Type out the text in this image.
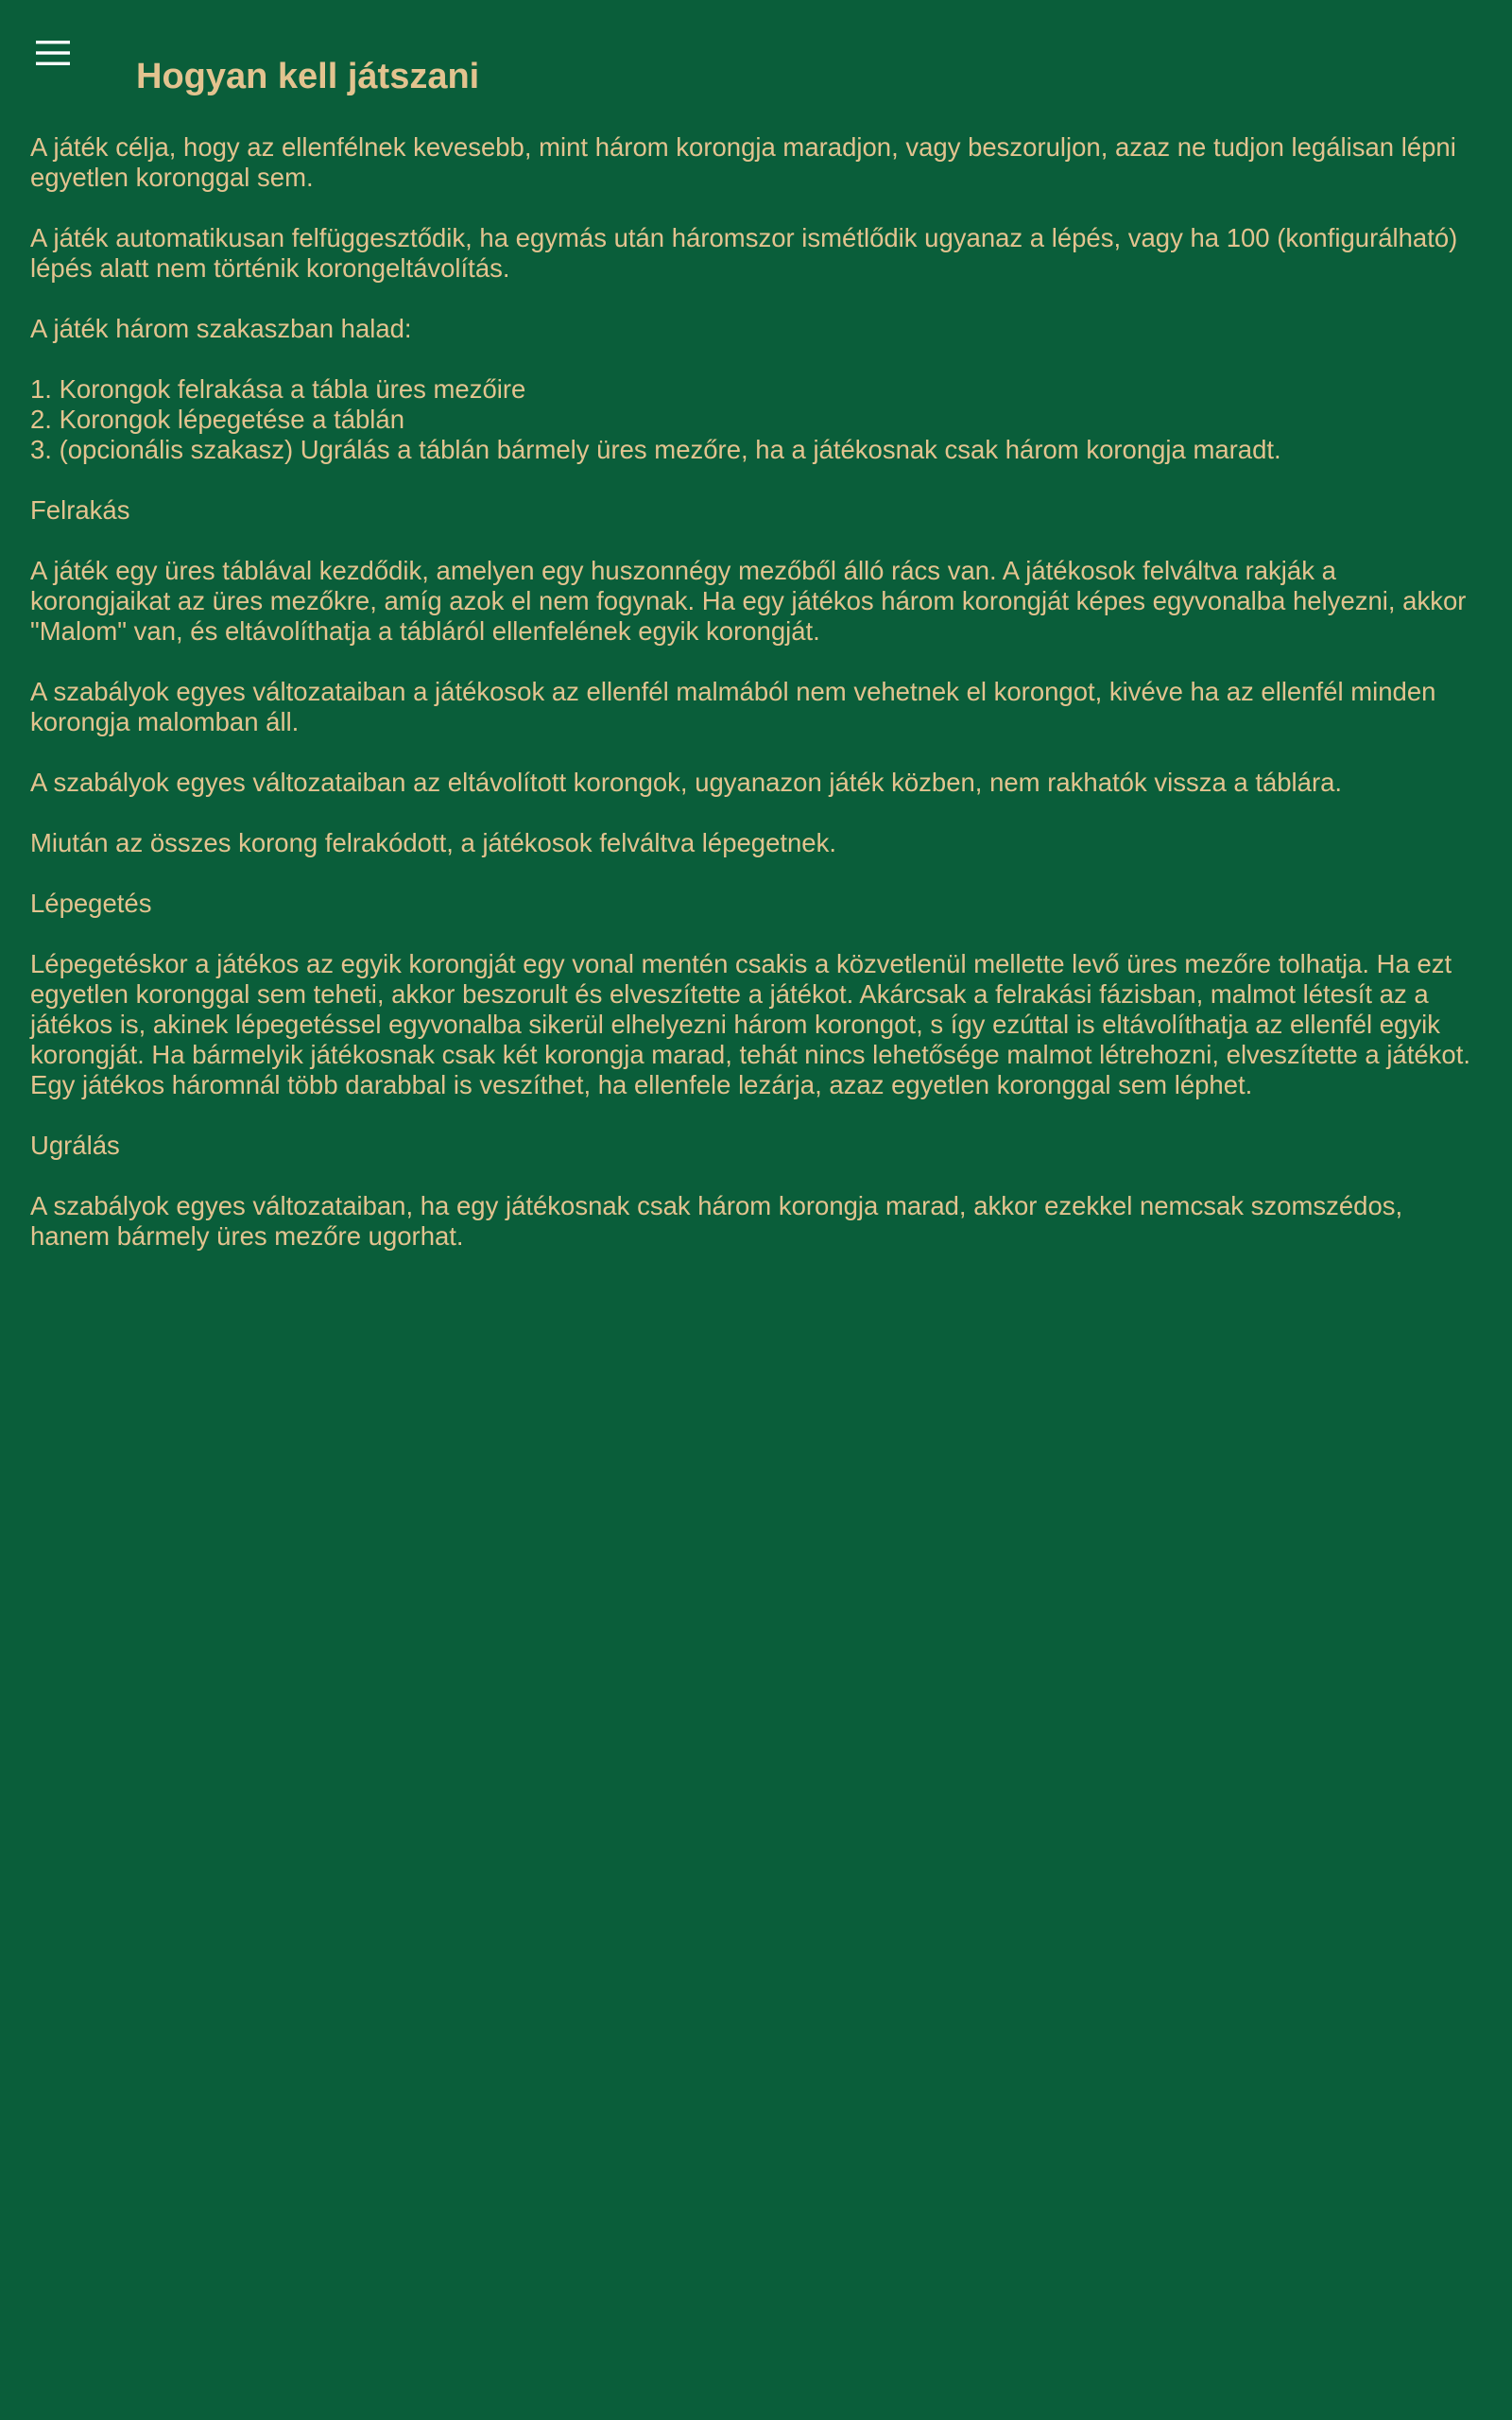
Hogyan kell játszani

A játék célja, hogy az ellenfélnek kevesebb, mint három korongja maradjon, vagy beszoruljon, azaz ne tudjon legálisan lépni egyetlen koronggal sem.

A játék automatikusan felfüggesztődik, ha egymás után háromszor ismétlődik ugyanaz a lépés, vagy ha 100 (konfigurálható) lépés alatt nem történik korongeltávolítás.

A játék három szakaszban halad:

1. Korongok felrakása a tábla üres mezőire
2. Korongok lépegetése a táblán
3. (opcionális szakasz) Ugrálás a táblán bármely üres mezőre, ha a játékosnak csak három korongja maradt.

Felrakás

A játék egy üres táblával kezdődik, amelyen egy huszonnégy mezőből álló rács van. A játékosok felváltva rakják a korongjaikat az üres mezőkre, amíg azok el nem fogynak. Ha egy játékos három korongját képes egyvonalba helyezni, akkor "Malom" van, és eltávolíthatja a tábláról ellenfelének egyik korongját.

A szabályok egyes változataiban a játékosok az ellenfél malmából nem vehetnek el korongot, kivéve ha az ellenfél minden korongja malomban áll.

A szabályok egyes változataiban az eltávolított korongok, ugyanazon játék közben, nem rakhatók vissza a táblára.

Miután az összes korong felrakódott, a játékosok felváltva lépegetnek.

Lépegetés

Lépegetéskor a játékos az egyik korongját egy vonal mentén csakis a közvetlenül mellette levő üres mezőre tolhatja. Ha ezt egyetlen koronggal sem teheti, akkor beszorult és elveszítette a játékot. Akárcsak a felrakási fázisban, malmot létesít az a játékos is, akinek lépegetéssel egyvonalba sikerül elhelyezni három korongot, s így ezúttal is eltávolíthatja az ellenfél egyik korongját. Ha bármelyik játékosnak csak két korongja marad, tehát nincs lehetősége malmot létrehozni, elveszítette a játékot. Egy játékos háromnál több darabbal is veszíthet, ha ellenfele lezárja, azaz egyetlen koronggal sem léphet.

Ugrálás

A szabályok egyes változataiban, ha egy játékosnak csak három korongja marad, akkor ezekkel nemcsak szomszédos, hanem bármely üres mezőre ugorhat.
